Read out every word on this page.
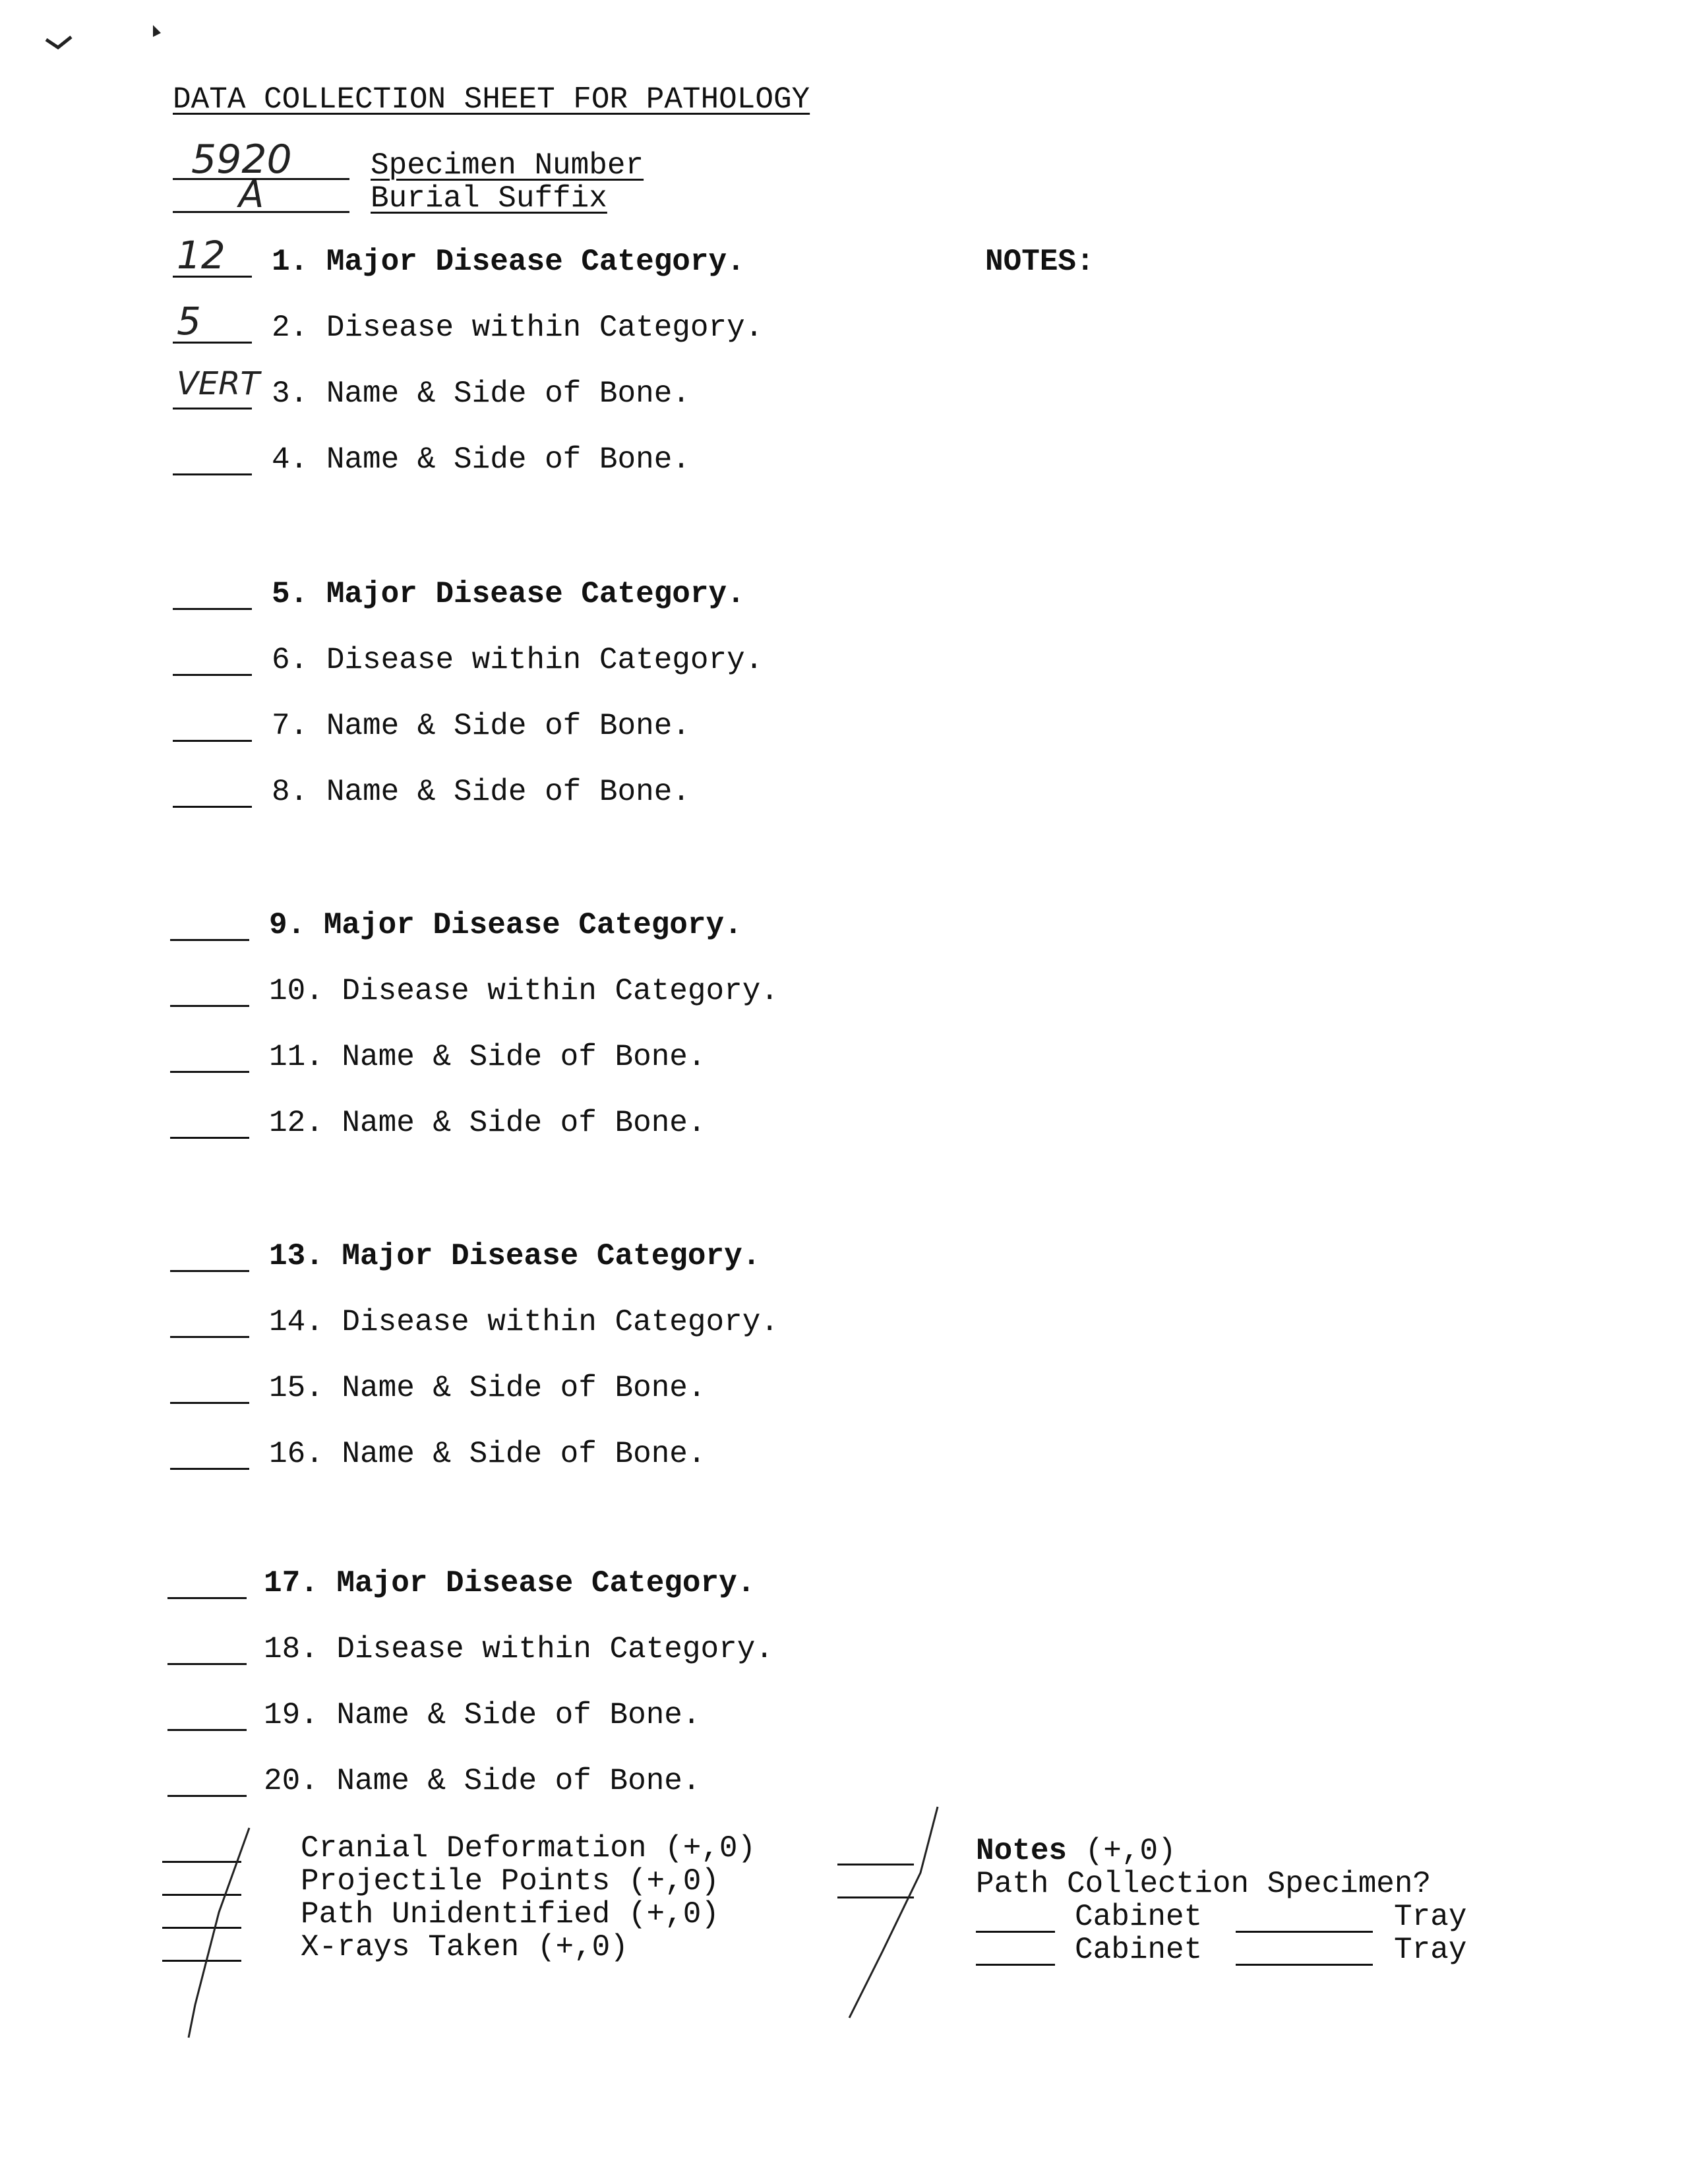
DATA COLLECTION SHEET FOR PATHOLOGY
5920	Specimen Number
A	Burial Suffix
NOTES:
12 1. Major Disease Category.
5 2. Disease within Category.
VERT 3. Name & Side of Bone.
4. Name & Side of Bone.
5. Major Disease Category.
6. Disease within Category.
7. Name & Side of Bone.
8. Name & Side of Bone.
9. Major Disease Category.
10. Disease within Category.
11. Name & Side of Bone.
12. Name & Side of Bone.
13. Major Disease Category.
14. Disease within Category.
15. Name & Side of Bone.
16. Name & Side of Bone.
17. Major Disease Category.
18. Disease within Category.
19. Name & Side of Bone.
20. Name & Side of Bone.
Cranial Deformation (+,0)
Projectile Points (+,0)
Path Unidentified (+,0)
X-rays Taken (+,0)
Notes (+,0)
Path Collection Specimen?
Cabinet	Tray
Cabinet	Tray
